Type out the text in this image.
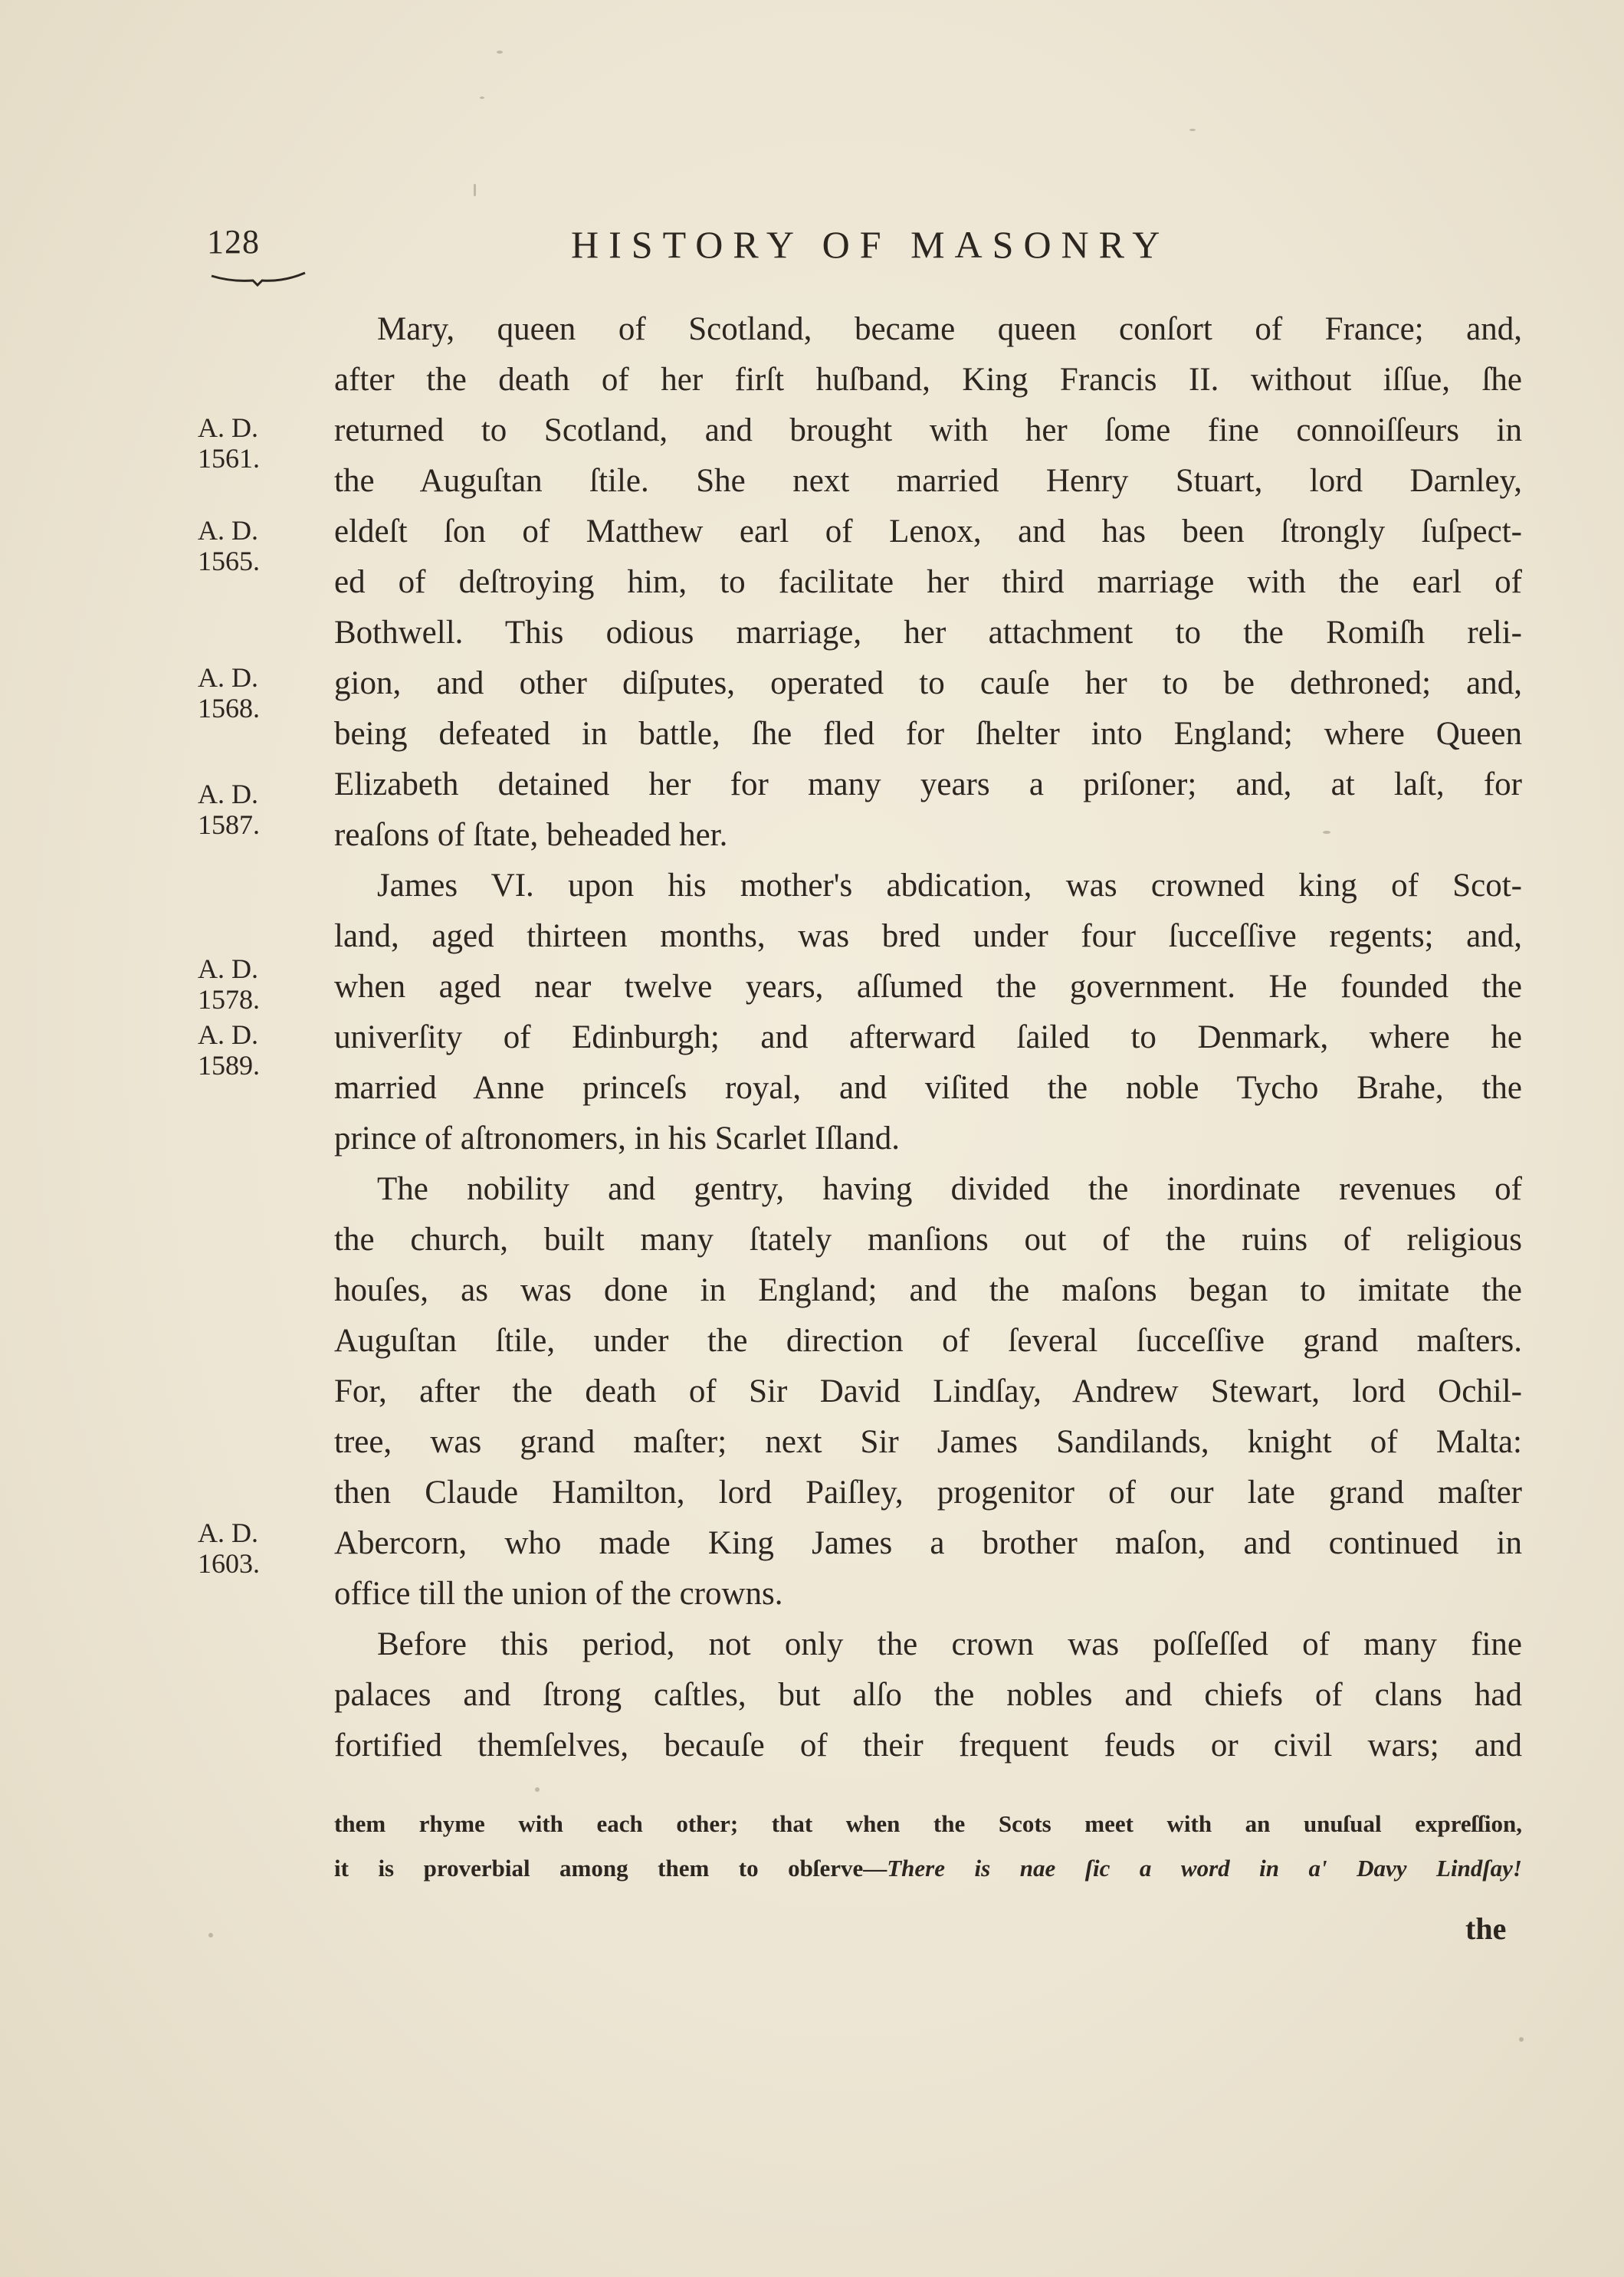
128	HISTORY OF MASONRY
A. D.
1561.
A. D.
1565.
A. D.
1568.
A. D.
1587.
A. D.
1578.
A. D.
1589.
A. D.
1603.
Mary, queen of Scotland, became queen conſort of France; and,
after the death of her firſt huſband, King Francis II. without iſſue, ſhe
returned to Scotland, and brought with her ſome fine connoiſſeurs in
the Auguſtan ſtile. She next married Henry Stuart, lord Darnley,
eldeſt ſon of Matthew earl of Lenox, and has been ſtrongly ſuſpect-
ed of deſtroying him, to facilitate her third marriage with the earl of
Bothwell. This odious marriage, her attachment to the Romiſh reli-
gion, and other diſputes, operated to cauſe her to be dethroned; and,
being defeated in battle, ſhe fled for ſhelter into England; where Queen
Elizabeth detained her for many years a priſoner; and, at laſt, for
reaſons of ſtate, beheaded her.
James VI. upon his mother's abdication, was crowned king of Scot-
land, aged thirteen months, was bred under four ſucceſſive regents; and,
when aged near twelve years, aſſumed the government. He founded the
univerſity of Edinburgh; and afterward ſailed to Denmark, where he
married Anne princeſs royal, and viſited the noble Tycho Brahe, the
prince of aſtronomers, in his Scarlet Iſland.
The nobility and gentry, having divided the inordinate revenues of
the church, built many ſtately manſions out of the ruins of religious
houſes, as was done in England; and the maſons began to imitate the
Auguſtan ſtile, under the direction of ſeveral ſucceſſive grand maſters.
For, after the death of Sir David Lindſay, Andrew Stewart, lord Ochil-
tree, was grand maſter; next Sir James Sandilands, knight of Malta:
then Claude Hamilton, lord Paiſley, progenitor of our late grand maſter
Abercorn, who made King James a brother maſon, and continued in
office till the union of the crowns.
Before this period, not only the crown was poſſeſſed of many fine
palaces and ſtrong caſtles, but alſo the nobles and chiefs of clans had
fortified themſelves, becauſe of their frequent feuds or civil wars; and
them rhyme with each other; that when the Scots meet with an unuſual expreſſion,
it is proverbial among them to obſerve—There is nae ſic a word in a' Davy Lindſay!
the
